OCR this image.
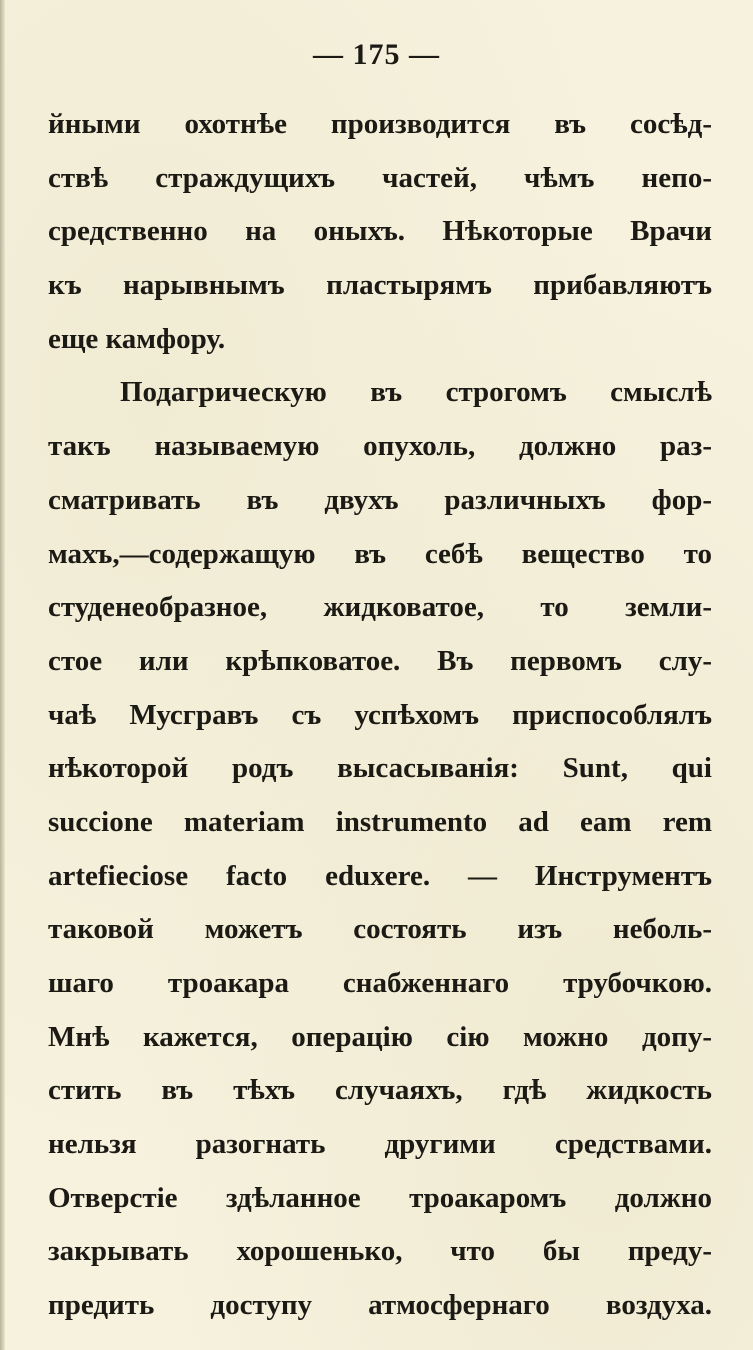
— 175 —
йными охотнѣе производится въ сосѣд-
ствѣ страждущихъ частей, чѣмъ непо-
средственно на оныхъ. Нѣкоторые Врачи
къ нарывнымъ пластырямъ прибавляютъ
еще камфору.
Подагрическую въ строгомъ смыслѣ
такъ называемую опухоль, должно раз-
сматривать въ двухъ различныхъ фор-
махъ,—содержащую въ себѣ вещество то
студенеобразное, жидковатое, то земли-
стое или крѣпковатое. Въ первомъ слу-
чаѣ Мусгравъ съ успѣхомъ приспособлялъ
нѣкоторой родъ высасыванія: Sunt, qui
succione materiam instrumento ad eam rem
artefieciose facto eduxere. — Инструментъ
таковой можетъ состоять изъ неболь-
шаго троакара снабженнаго трубочкою.
Мнѣ кажется, операцію сію можно допу-
стить въ тѣхъ случаяхъ, гдѣ жидкость
нельзя разогнать другими средствами.
Отверстіе здѣланное троакаромъ должно
закрывать хорошенько, что бы преду-
предить доступу атмосфернаго воздуха.
